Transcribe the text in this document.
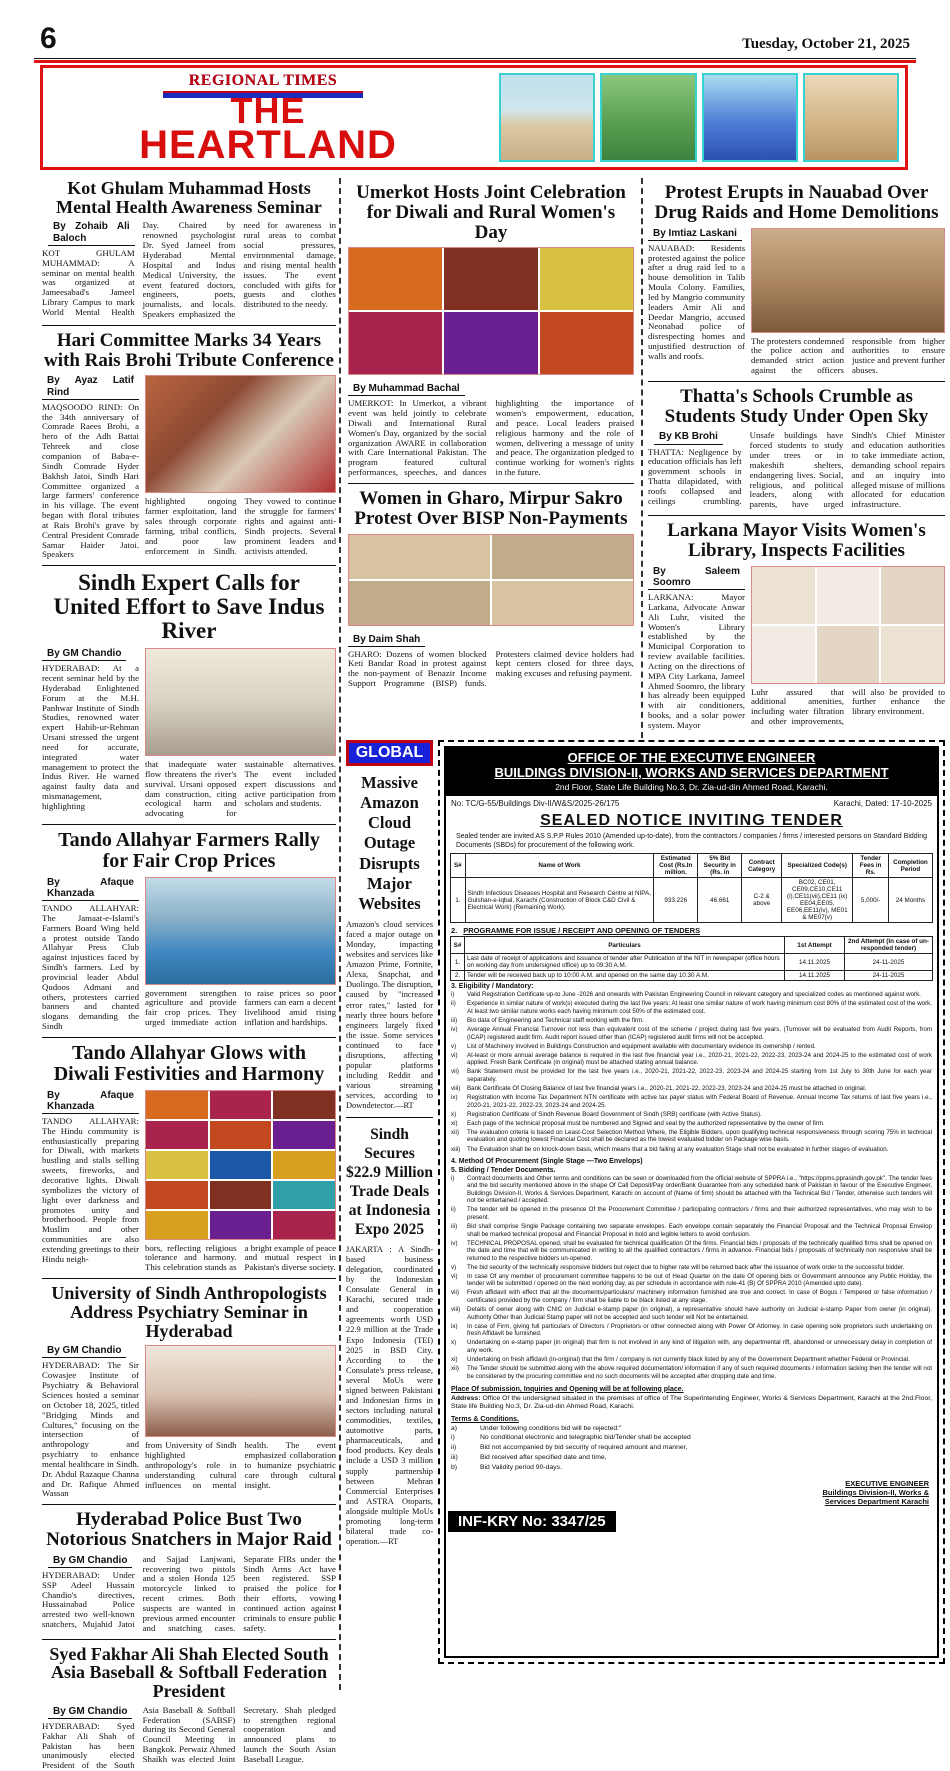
6	Tuesday, October 21, 2025
REGIONAL TIMES
THE
HEARTLAND
Kot Ghulam Muhammad Hosts Mental Health Awareness Seminar
By Zohaib Ali Baloch KOT GHULAM MUHAMMAD: A seminar on mental health was organized at Jameesabad's Jameel Library Campus to mark World Mental Health Day. Chaired by renowned psychologist Dr. Syed Jameel from Hyderabad Mental Hospital and Indus Medical University, the event featured doctors, engineers, poets, journalists, and locals. Speakers emphasized the need for awareness in rural areas to combat social pressures, environmental damage, and rising mental health issues. The event concluded with gifts for guests and clothes distributed to the needy.
Hari Committee Marks 34 Years with Rais Brohi Tribute Conference
By Ayaz Latif Rind MAQSOODO RIND: On the 34th anniversary of Comrade Raees Brohi, a hero of the Adh Battai Tehreek and close companion of Baba-e-Sindh Comrade Hyder Bakhsh Jatoi, Sindh Hari Committee organized a large farmers' conference in his village. The event began with floral tributes at Rais Brohi's grave by Central President Comrade Samar Haider Jatoi. Speakers
highlighted ongoing farmer exploitation, land sales through corporate farming, tribal conflicts, and poor law enforcement in Sindh. They vowed to continue the struggle for farmers' rights and against anti-Sindh projects. Several prominent leaders and activists attended.
Sindh Expert Calls for United Effort to Save Indus River
By GM Chandio HYDERABAD: At a recent seminar held by the Hyderabad Enlightened Forum at the M.H. Panhwar Institute of Sindh Studies, renowned water expert Habib-ur-Rehman Ursani stressed the urgent need for accurate, integrated water management to protect the Indus River. He warned against faulty data and mismanagement, highlighting
that inadequate water flow threatens the river's survival. Ursani opposed dam construction, citing ecological harm and advocating for sustainable alternatives. The event included expert discussions and active participation from scholars and students.
Tando Allahyar Farmers Rally for Fair Crop Prices
By Afaque Khanzada TANDO ALLAHYAR: The Jamaat-e-Islami's Farmers Board Wing held a protest outside Tando Allahyar Press Club against injustices faced by Sindh's farmers. Led by provincial leader Abdul Qudoos Admani and others, protesters carried banners and chanted slogans demanding the Sindh
government strengthen agriculture and provide fair crop prices. They urged immediate action to raise prices so poor farmers can earn a decent livelihood amid rising inflation and hardships.
Tando Allahyar Glows with Diwali Festivities and Harmony
By Afaque Khanzada TANDO ALLAHYAR: The Hindu community is enthusiastically preparing for Diwali, with markets bustling and stalls selling sweets, fireworks, and decorative lights. Diwali symbolizes the victory of light over darkness and promotes unity and brotherhood. People from Muslim and other communities are also extending greetings to their Hindu neigh-
bors, reflecting religious tolerance and harmony. This celebration stands as a bright example of peace and mutual respect in Pakistan's diverse society.
University of Sindh Anthropologists Address Psychiatry Seminar in Hyderabad
By GM Chandio HYDERABAD: The Sir Cowasjee Institute of Psychiatry & Behavioral Sciences hosted a seminar on October 18, 2025, titled "Bridging Minds and Cultures," focusing on the intersection of anthropology and psychiatry to enhance mental healthcare in Sindh. Dr. Abdul Razaque Channa and Dr. Rafique Ahmed Wassan
from University of Sindh highlighted anthropology's role in understanding cultural influences on mental health. The event emphasized collaboration to humanize psychiatric care through cultural insight.
Hyderabad Police Bust Two Notorious Snatchers in Major Raid
By GM Chandio HYDERABAD: Under SSP Adeel Hussain Chandio's directives, Hussainabad Police arrested two well-known snatchers, Mujahid Jatoi and Sajjad Lanjwani, recovering two pistols and a stolen Honda 125 motorcycle linked to recent crimes. Both suspects are wanted in previous armed encounter and snatching cases. Separate FIRs under the Sindh Arms Act have been registered. SSP praised the police for their efforts, vowing continued action against criminals to ensure public safety.
Syed Fakhar Ali Shah Elected South Asia Baseball & Softball Federation President
By GM Chandio HYDERABAD: Syed Fakhar Ali Shah of Pakistan has been unanimously elected President of the South Asia Baseball & Softball Federation (SABSF) during its Second General Council Meeting in Bangkok. Perwaiz Ahmed Shaikh was elected Joint Secretary. Shah pledged to strengthen regional cooperation and announced plans to launch the South Asian Baseball League.
Umerkot Hosts Joint Celebration for Diwali and Rural Women's Day
By Muhammad Bachal
UMERKOT: In Umerkot, a vibrant event was held jointly to celebrate Diwali and International Rural Women's Day, organized by the social organization AWARE in collaboration with Care International Pakistan. The program featured cultural performances, speeches, and dances highlighting the importance of women's empowerment, education, and peace. Local leaders praised religious harmony and the role of women, delivering a message of unity and peace. The organization pledged to continue working for women's rights in the future.
Women in Gharo, Mirpur Sakro Protest Over BISP Non-Payments
By Daim Shah
GHARO: Dozens of women blocked Keti Bandar Road in protest against the non-payment of Benazir Income Support Programme (BISP) funds. Protesters claimed device holders had kept centers closed for three days, making excuses and refusing payment.
Protest Erupts in Nauabad Over Drug Raids and Home Demolitions
By Imtiaz Laskani NAUABAD: Residents protested against the police after a drug raid led to a house demolition in Talib Moula Colony. Families, led by Mangrio community leaders Amir Ali and Deedar Mangrio, accused Neonabad police of disrespecting homes and unjustified destruction of walls and roofs.
The protesters condemned the police action and demanded strict action against the officers responsible from higher authorities to ensure justice and prevent further abuses.
Thatta's Schools Crumble as Students Study Under Open Sky
By KB Brohi THATTA: Negligence by education officials has left government schools in Thatta dilapidated, with roofs collapsed and ceilings crumbling. Unsafe buildings have forced students to study under trees or in makeshift shelters, endangering lives. Social, religious, and political leaders, along with parents, have urged Sindh's Chief Minister and education authorities to take immediate action, demanding school repairs and an inquiry into alleged misuse of millions allocated for education infrastructure.
Larkana Mayor Visits Women's Library, Inspects Facilities
By Saleem Soomro LARKANA: Mayor Larkana, Advocate Anwar Ali Luhr, visited the Women's Library established by the Municipal Corporation to review available facilities. Acting on the directions of MPA City Larkana, Jameel Ahmed Soomro, the library has already been equipped with air conditioners, books, and a solar power system. Mayor
Luhr assured that additional amenities, including water filtration and other improvements, will also be provided to further enhance the library environment.
GLOBAL
Massive Amazon Cloud Outage Disrupts Major Websites
Amazon's cloud services faced a major outage on Monday, impacting websites and services like Amazon Prime, Fortnite, Alexa, Snapchat, and Duolingo. The disruption, caused by "increased error rates," lasted for nearly three hours before engineers largely fixed the issue. Some services continued to face disruptions, affecting popular platforms including Reddit and various streaming services, according to Downdetector.—RT
Sindh Secures $22.9 Million Trade Deals at Indonesia Expo 2025
JAKARTA : A Sindh-based business delegation, coordinated by the Indonesian Consulate General in Karachi, secured trade and cooperation agreements worth USD 22.9 million at the Trade Expo Indonesia (TEI) 2025 in BSD City. According to the Consulate's press release, several MoUs were signed between Pakistani and Indonesian firms in sectors including natural commodities, textiles, automotive parts, pharmaceuticals, and food products. Key deals include a USD 3 million supply partnership between Mehran Commercial Enterprises and ASTRA Otoparts, alongside multiple MoUs promoting long-term bilateral trade co-operation.—RT
OFFICE OF THE EXECUTIVE ENGINEER
BUILDINGS DIVISION-II, WORKS AND SERVICES DEPARTMENT
2nd Floor, State Life Building No.3, Dr. Zia-ud-din Ahmed Road, Karachi.
No: TC/G-55/Buildings Div-II/W&S/2025-26/175	Karachi, Dated: 17-10-2025
SEALED NOTICE INVITING TENDER
Sealed tender are invited AS S.P.P Rules 2010 (Amended up-to-date), from the contractors / companies / firms / interested persons on Standard Bidding Documents (SBDs) for procurement of the following work.
S#	Name of Work	Estimated Cost (Rs.In million.	5% Bid Security in (Rs. in	Contract Category	Specialized Code(s)	Tender Fees in Rs.	Completion Period
1.	Sindh Infectious Diseases Hospital and Research Centre at NIPA, Gulshan-e-Iqbal, Karachi (Construction of Block C&D Civil & Electrical Work) (Remaining Work).	933.226	46.661	C-2 & above	BC02, CE01, CE09,CE10,CE11 (i),CE11(vii),CE11 (ix) EE04,EE05, EE06,EE11(iv), ME01 & ME07(v)	5,000/-	24 Months
2. PROGRAMME FOR ISSUE / RECEIPT AND OPENING OF TENDERS
S#	Particulars	1st Attempt	2nd Attempt (In case of un-responded tender)
1.	Last date of receipt of applications and issuance of tender after Publication of the NIT in newspaper (office hours on working day from undersigned office) up to 09:30 A.M.	14.11.2025	24-11-2025
2.	Tender will be received back up to 10:00 A.M. and opened on the same day 10:30 A.M.	14.11.2025	24-11-2025
3. Eligibility / Mandatory:
i)	Valid Registration Certificate up-to June -2026 and onwards with Pakistan Engineering Council in relevant category and specialized codes as mentioned against work.
ii)	Experience in similar nature of work(s) executed during the last five years: At least one similar nature of work having minimum cost 80% of the estimated cost of the work. At least two similar nature works each having minimum cost 50% of the estimated cost.
iii)	Bio data of Engineering and Technical staff working with the firm.
iv)	Average Annual Financial Turnover not less than equivalent cost of the scheme / project during last five years. (Turnover will be evaluated from Audit Reports, from (ICAP) registered audit firm. Audit report issued other than (ICAP) registered audit firms will not be accepted.
v)	List of Machinery involved in Buildings Construction and equipment available with documentary evidence its ownership / rented.
vi)	At-least or more annual average balance is required in the last five financial year i.e., 2020-21, 2021-22, 2022-23, 2023-24 and 2024-25 to the estimated cost of work applied. Fresh Bank Certificate (in original) must be attached stating annual balance.
vii)	Bank Statement must be provided for the last five years i.e., 2020-21, 2021-22, 2022-23, 2023-24 and 2024-25 starting from 1st July to 30th June for each year separately.
viii)	Bank Certificate Of Closing Balance of last five financial years i.e., 2020-21, 2021-22, 2022-23, 2023-24 and 2024-25 must be attached in original.
ix)	Registration with Income Tax Department NTN certificate with active tax payer status with Federal Board of Revenue. Annual Income Tax returns of last five years i.e., 2020-21, 2021-22, 2022-23, 2023-24 and 2024-25.
x)	Registration Certificate of Sindh Revenue Board Government of Sindh (SRB) certificate (with Active Status).
xi)	Each page of the technical proposal must be numbered and Signed and seal by the authorized representative by the owner of firm.
xii)	The evaluation criteria is based on Least-Cost Selection Method Where, the Eligible Bidders, upon qualifying technical responsiveness through scoring 75% in technical evaluation and quoting lowest Financial Cost shall be declared as the lowest evaluated bidder on Package wise basis.
xiii)	The Evaluation shall be on knock-down basis, which means that a bid failing at any evaluation Stage shall not be evaluated in further stages of evaluation.
4. Method Of Procurement (Single Stage —Two Envelops)
5. Bidding / Tender Documents.
i)	Contract documents and Other terms and conditions can be seen or downloaded from the official website of SPPRA i.e., "https://ppms.pprasindh.gov.pk". The tender fees and the bid security mentioned above in the shape Of Call Deposit/Pay order/Bank Guarantee from any scheduled bank of Pakistan in favour of the Executive Engineer, Buildings Division-II, Works & Services Department, Karachi on account of (Name of firm) should be attached with the Technical Bid / Tender, otherwise such tenders will not be entertained / accepted.
ii)	The tender will be opened in the presence Of the Procurement Committee / participating contractors / firms and their authorized representatives, who may wish to be present.
iii)	Bid shall comprise Single Package containing two separate envelopes. Each envelope contain separately the Financial Proposal and the Technical Proposal Envelop shall be marked technical proposal and Financial Proposal in bold and legible letters to avoid confusion.
iv)	TECHNICAL PROPOSAL opened, shall be evaluated for technical qualification Of the firms. Financial bids / proposals of the technically qualified firms shall be opened on the date and time that will be communicated in writing to all the qualified contractors / firms in advance. Financial bids / proposals of technically non responsive shall be returned to the respective bidders un-opened.
v)	The bid security of the technically responsive bidders but reject due to higher rate will be returned back after the issuance of work order to the successful bidder.
vi)	In case Of any member of procurement committee happens to be out of Head Quarter on the date Of opening bids or Government announce any Public Holiday, the tender will be submitted / opened on the next working day, as per schedule in accordance with rule-41 (B) Of SPPRA 2010 (Amended upto date).
vii)	Fresh affidavit with effect that all the documents/particulars/ machinery information furnished are true and correct. In case of Bogus / Tempered or false information / certificates provided by the company / firm shall be liable to be black listed at any stage.
viii)	Details of owner along with CNIC on Judicial e-stamp paper (in original), a representative should have authority on Judicial e-stamp Paper from owner (in original). Authority Other than Judicial Stamp paper will not be accepted and such tender will Not be entertained.
ix)	In case of Firm, giving full particulars of Directors / Proprietors or other connected along with Power Of Attorney. In case opening sole proprietors such undertaking on fresh Affidavit be furnished.
x)	Undertaking on e-stamp paper (in original) that firm is not involved in any kind of litigation with, any departmental rift, abandoned or unnecessary delay in completion of any work.
xi)	Undertaking on fresh affidavit (in-original) that the firm / company is not currently black listed by any of the Government Department whether Federal or Provincial.
xii)	The Tender should be submitted along with the above required documentation/ information if any of such required documents / information lacking then the tender will not be considered by the procuring committee end no such documents will be accepted after dropping date and time.
Place Of submission, Inquiries and Opening will be at following place.
Address: Office Of the undersigned situated in the premises of office of The Superintending Engineer, Works & Services Department, Karachi at the 2nd.Floor, State life Building No.3, Dr. Zia-ud-din Ahmed Road, Karachi.
Terms & Conditions.
a)	Under following conditions bid will be rejected:"
i)	No conditional electronic and telegraphic bid/Tender shall be accepted
ii)	Bid not accompanied by bid security of required amount and manner,
iii)	Bid received after specified date and time,
b)	Bid Validity period 90-days.
EXECUTIVE ENGINEER
Buildings Division-II, Works &
Services Department Karachi
INF-KRY No: 3347/25
